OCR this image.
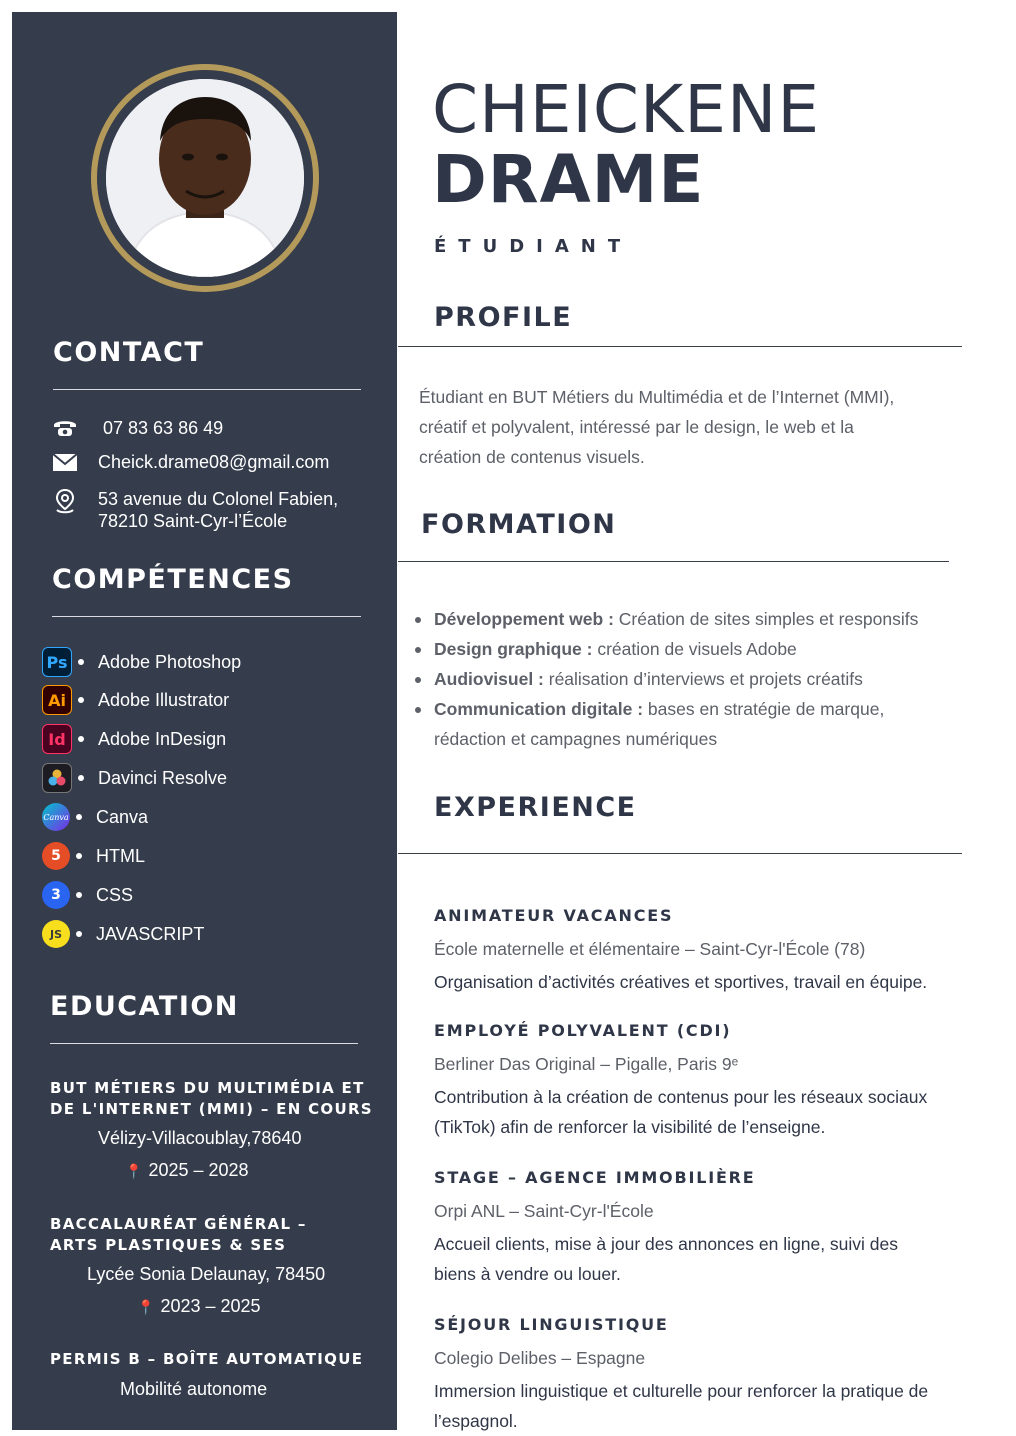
CONTACT
07 83 63 86 49
Cheick.drame08@gmail.com
53 avenue du Colonel Fabien,
78210 Saint-Cyr-l’École
COMPÉTENCES
Ps Adobe Photoshop
Ai	Adobe Illustrator
Id	Adobe InDesign
Davinci Resolve
Canva Canva
5	HTML
3	CSS
JS	JAVASCRIPT
EDUCATION

BUT MÉTIERS DU MULTIMÉDIA ET
DE L'INTERNET (MMI) – EN COURS

Vélizy-Villacoublay,78640
📍 2025 – 2028

BACCALAURÉAT GÉNÉRAL –
ARTS PLASTIQUES & SES

Lycée Sonia Delaunay, 78450
📍 2023 – 2025

PERMIS B – BOÎTE AUTOMATIQUE

Mobilité autonome
CHEICKENE
DRAME
ÉTUDIANT
PROFILE

Étudiant en BUT Métiers du Multimédia et de l’Internet (MMI),
créatif et polyvalent, intéressé par le design, le web et la
création de contenus visuels.

FORMATION
Développement web : Création de sites simples et responsifs
Design graphique : création de visuels Adobe
Audiovisuel : réalisation d’interviews et projets créatifs
Communication digitale : bases en stratégie de marque,
rédaction et campagnes numériques
EXPERIENCE

ANIMATEUR VACANCES

École maternelle et élémentaire – Saint-Cyr-l'École (78)
Organisation d’activités créatives et sportives, travail en équipe.

EMPLOYÉ POLYVALENT (CDI)

Berliner Das Original – Pigalle, Paris 9ᵉ
Contribution à la création de contenus pour les réseaux sociaux
(TikTok) afin de renforcer la visibilité de l’enseigne.

STAGE – AGENCE IMMOBILIÈRE

Orpi ANL – Saint-Cyr-l'École
Accueil clients, mise à jour des annonces en ligne, suivi des
biens à vendre ou louer.

SÉJOUR LINGUISTIQUE

Colegio Delibes – Espagne
Immersion linguistique et culturelle pour renforcer la pratique de
l’espagnol.
